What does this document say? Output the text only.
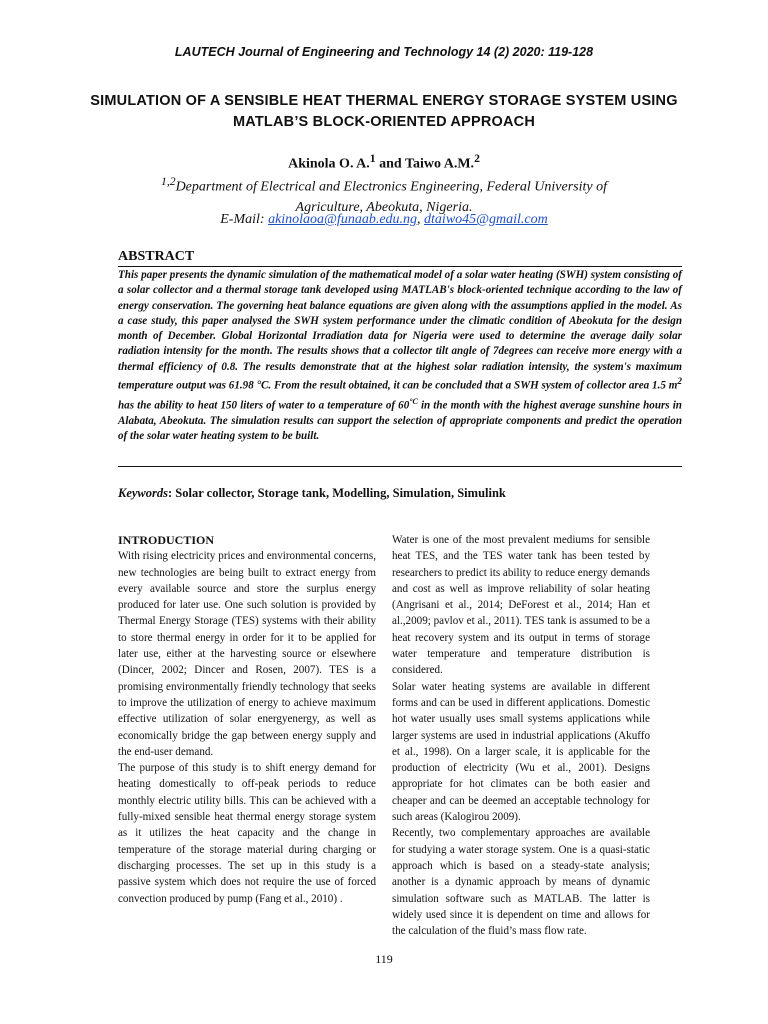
LAUTECH Journal of Engineering and Technology 14 (2) 2020: 119-128
SIMULATION OF A SENSIBLE HEAT THERMAL ENERGY STORAGE SYSTEM USING MATLAB’S BLOCK-ORIENTED APPROACH
Akinola O. A.$^1$ and Taiwo A.M.$^2$
$^{1,2}$Department of Electrical and Electronics Engineering, Federal University of Agriculture, Abeokuta, Nigeria.
E-Mail: akinolaoa@funaab.edu.ng, dtaiwo45@gmail.com
ABSTRACT
This paper presents the dynamic simulation of the mathematical model of a solar water heating (SWH) system consisting of a solar collector and a thermal storage tank developed using MATLAB's block-oriented technique according to the law of energy conservation. The governing heat balance equations are given along with the assumptions applied in the model. As a case study, this paper analysed the SWH system performance under the climatic condition of Abeokuta for the design month of December. Global Horizontal Irradiation data for Nigeria were used to determine the average daily solar radiation intensity for the month. The results shows that a collector tilt angle of 7degrees can receive more energy with a thermal efficiency of 0.8. The results demonstrate that at the highest solar radiation intensity, the system's maximum temperature output was 61.98 °C. From the result obtained, it can be concluded that a SWH system of collector area 1.5 $m^2$ has the ability to heat 150 liters of water to a temperature of $60^{^\circ C}$ in the month with the highest average sunshine hours in Alabata, Abeokuta. The simulation results can support the selection of appropriate components and predict the operation of the solar water heating system to be built.
Keywords: Solar collector, Storage tank, Modelling, Simulation, Simulink

INTRODUCTION

With rising electricity prices and environmental concerns, new technologies are being built to extract energy from every available source and store the surplus energy produced for later use. One such solution is provided by Thermal Energy Storage (TES) systems with their ability to store thermal energy in order for it to be applied for later use, either at the harvesting source or elsewhere (Dincer, 2002; Dincer and Rosen, 2007). TES is a promising environmentally friendly technology that seeks to improve the utilization of energy to achieve maximum effective utilization of solar energyenergy, as well as economically bridge the gap between energy supply and the end-user demand.

The purpose of this study is to shift energy demand for heating domestically to off-peak periods to reduce monthly electric utility bills. This can be achieved with a fully-mixed sensible heat thermal energy storage system as it utilizes the heat capacity and the change in temperature of the storage material during charging or discharging processes. The set up in this study is a passive system which does not require the use of forced convection produced by pump (Fang et al., 2010) .

Water is one of the most prevalent mediums for sensible heat TES, and the TES water tank has been tested by researchers to predict its ability to reduce energy demands and cost as well as improve reliability of solar heating (Angrisani et al., 2014; DeForest et al., 2014; Han et al.,2009; pavlov et al., 2011). TES tank is assumed to be a heat recovery system and its output in terms of storage water temperature and temperature distribution is considered.

Solar water heating systems are available in different forms and can be used in different applications. Domestic hot water usually uses small systems applications while larger systems are used in industrial applications (Akuffo et al., 1998). On a larger scale, it is applicable for the production of electricity (Wu et al., 2001). Designs appropriate for hot climates can be both easier and cheaper and can be deemed an acceptable technology for such areas (Kalogirou 2009).

Recently, two complementary approaches are available for studying a water storage system. One is a quasi-static approach which is based on a steady-state analysis; another is a dynamic approach by means of dynamic simulation software such as MATLAB. The latter is widely used since it is dependent on time and allows for the calculation of the fluid’s mass flow rate.

119
